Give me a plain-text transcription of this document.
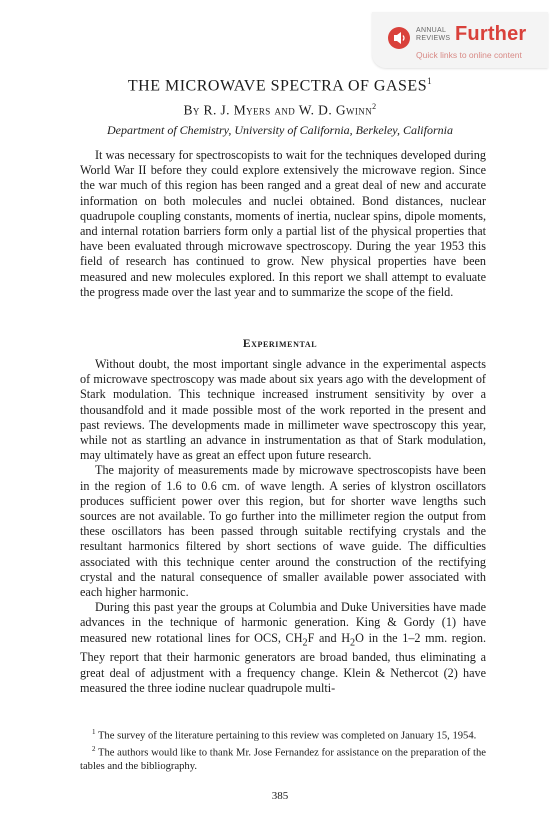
ANNUAL
REVIEWS Further
Quick links to online content
THE MICROWAVE SPECTRA OF GASES$^1$
By R. J. Myers and W. D. Gwinn$^2$
Department of Chemistry, University of California, Berkeley, California

It was necessary for spectroscopists to wait for the techniques developed during World War II before they could explore extensively the microwave region. Since the war much of this region has been ranged and a great deal of new and accurate information on both molecules and nuclei obtained. Bond distances, nuclear quadrupole coupling constants, moments of inertia, nuclear spins, dipole moments, and internal rotation barriers form only a partial list of the physical properties that have been evaluated through microwave spectroscopy. During the year 1953 this field of research has continued to grow. New physical properties have been measured and new molecules explored. In this report we shall attempt to evaluate the progress made over the last year and to summarize the scope of the field.

Experimental

Without doubt, the most important single advance in the experimental aspects of microwave spectroscopy was made about six years ago with the development of Stark modulation. This technique increased instrument sensitivity by over a thousandfold and it made possible most of the work reported in the present and past reviews. The developments made in millimeter wave spectroscopy this year, while not as startling an advance in instrumentation as that of Stark modulation, may ultimately have as great an effect upon future research.

The majority of measurements made by microwave spectroscopists have been in the region of 1.6 to 0.6 cm. of wave length. A series of klystron oscillators produces sufficient power over this region, but for shorter wave lengths such sources are not available. To go further into the millimeter region the output from these oscillators has been passed through suitable rectifying crystals and the resultant harmonics filtered by short sections of wave guide. The difficulties associated with this technique center around the construction of the rectifying crystal and the natural consequence of smaller available power associated with each higher harmonic.

During this past year the groups at Columbia and Duke Universities have made advances in the technique of harmonic generation. King & Gordy (1) have measured new rotational lines for OCS, $CH_2F$ and $H_2O$ in the 1–2 mm. region. They report that their harmonic generators are broad banded, thus eliminating a great deal of adjustment with a frequency change. Klein & Nethercot (2) have measured the three iodine nuclear quadrupole multi-

$^1$ The survey of the literature pertaining to this review was completed on January 15, 1954.

$^2$ The authors would like to thank Mr. Jose Fernandez for assistance on the preparation of the tables and the bibliography.

385
